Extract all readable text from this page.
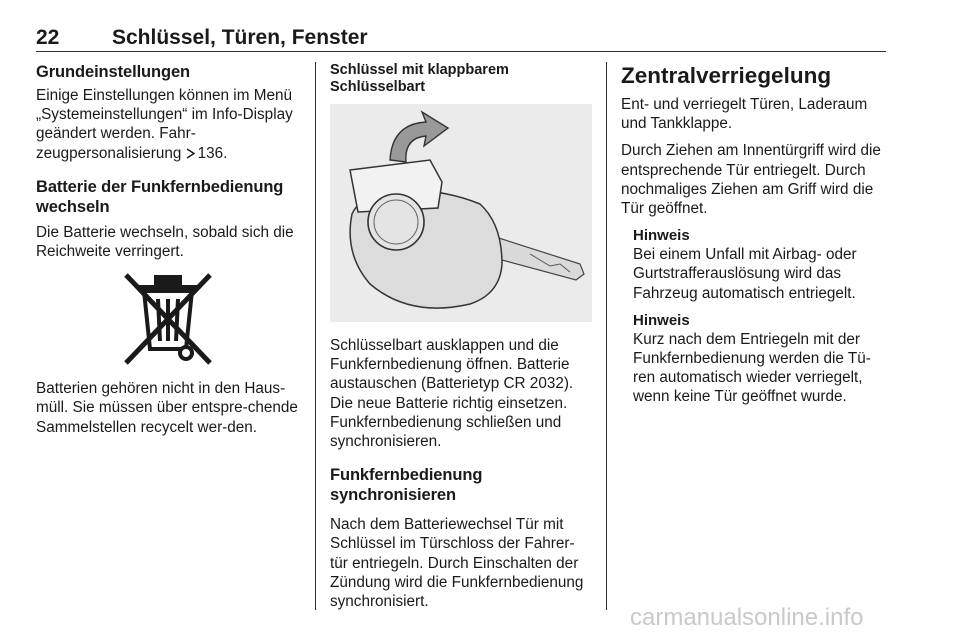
22	Schlüssel, Türen, Fenster
Grundeinstellungen
Einige Einstellungen können im Menü „Systemeinstellungen“ im Info-Display geändert werden. Fahr-zeugpersonalisierung 136.
Batterie der Funkfernbedienung wechseln
Die Batterie wechseln, sobald sich die Reichweite verringert.
Batterien gehören nicht in den Haus-müll. Sie müssen über entspre-chende Sammelstellen recycelt wer-den.
Schlüssel mit klappbarem Schlüsselbart
Schlüsselbart ausklappen und die Funkfernbedienung öffnen. Batterie austauschen (Batterietyp CR 2032). Die neue Batterie richtig einsetzen. Funkfernbedienung schließen und synchronisieren.
Funkfernbedienung synchronisieren
Nach dem Batteriewechsel Tür mit Schlüssel im Türschloss der Fahrer-tür entriegeln. Durch Einschalten der Zündung wird die Funkfernbedienung synchronisiert.
Zentralverriegelung
Ent- und verriegelt Türen, Laderaum und Tankklappe.
Durch Ziehen am Innentürgriff wird die entsprechende Tür entriegelt. Durch nochmaliges Ziehen am Griff wird die Tür geöffnet.
Hinweis
Bei einem Unfall mit Airbag- oder Gurtstrafferauslösung wird das Fahrzeug automatisch entriegelt.
Hinweis
Kurz nach dem Entriegeln mit der Funkfernbedienung werden die Tü-ren automatisch wieder verriegelt, wenn keine Tür geöffnet wurde.
carmanualsonline.info
